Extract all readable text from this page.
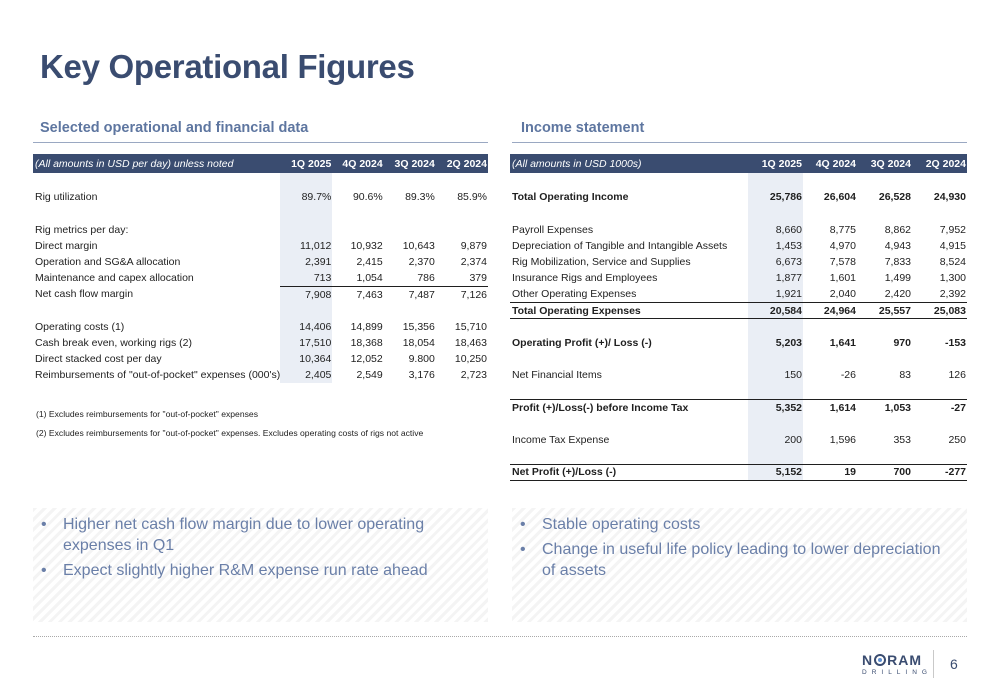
Key Operational Figures
Selected operational and financial data
(All amounts in USD per day) unless noted	1Q 2025	4Q 2024	3Q 2024	2Q 2024

Rig utilization	89.7%	90.6%	89.3%	85.9%

Rig metrics per day:				
Direct margin	11,012	10,932	10,643	9,879
Operation and SG&A allocation	2,391	2,415	2,370	2,374
Maintenance and capex allocation	713	1,054	786	379
Net cash flow margin	7,908	7,463	7,487	7,126

Operating costs (1)	14,406	14,899	15,356	15,710
Cash break even, working rigs (2)	17,510	18,368	18,054	18,463
Direct stacked cost per day	10,364	12,052	9.800	10,250
Reimbursements of "out-of-pocket" expenses (000's)	2,405	2,549	3,176	2,723
(1) Excludes reimbursements for "out-of-pocket" expenses
(2) Excludes reimbursements for "out-of-pocket" expenses. Excludes operating costs of rigs not active
Income statement
(All amounts in USD 1000s)	1Q 2025	4Q 2024	3Q 2024	2Q 2024

Total Operating Income	25,786	26,604	26,528	24,930

Payroll Expenses	8,660	8,775	8,862	7,952
Depreciation of Tangible and Intangible Assets	1,453	4,970	4,943	4,915
Rig Mobilization, Service and Supplies	6,673	7,578	7,833	8,524
Insurance Rigs and Employees	1,877	1,601	1,499	1,300
Other Operating Expenses	1,921	2,040	2,420	2,392
Total Operating Expenses	20,584	24,964	25,557	25,083

Operating Profit (+)/ Loss (-)	5,203	1,641	970	-153

Net Financial Items	150	-26	83	126

Profit (+)/Loss(-) before Income Tax	5,352	1,614	1,053	-27

Income Tax Expense	200	1,596	353	250

Net Profit (+)/Loss (-)	5,152	19	700	-277
• Higher net cash flow margin due to lower operating expenses in Q1
• Expect slightly higher R&M expense run rate ahead
• Stable operating costs
• Change in useful life policy leading to lower depreciation of assets
N RAM
DRILLING
6
